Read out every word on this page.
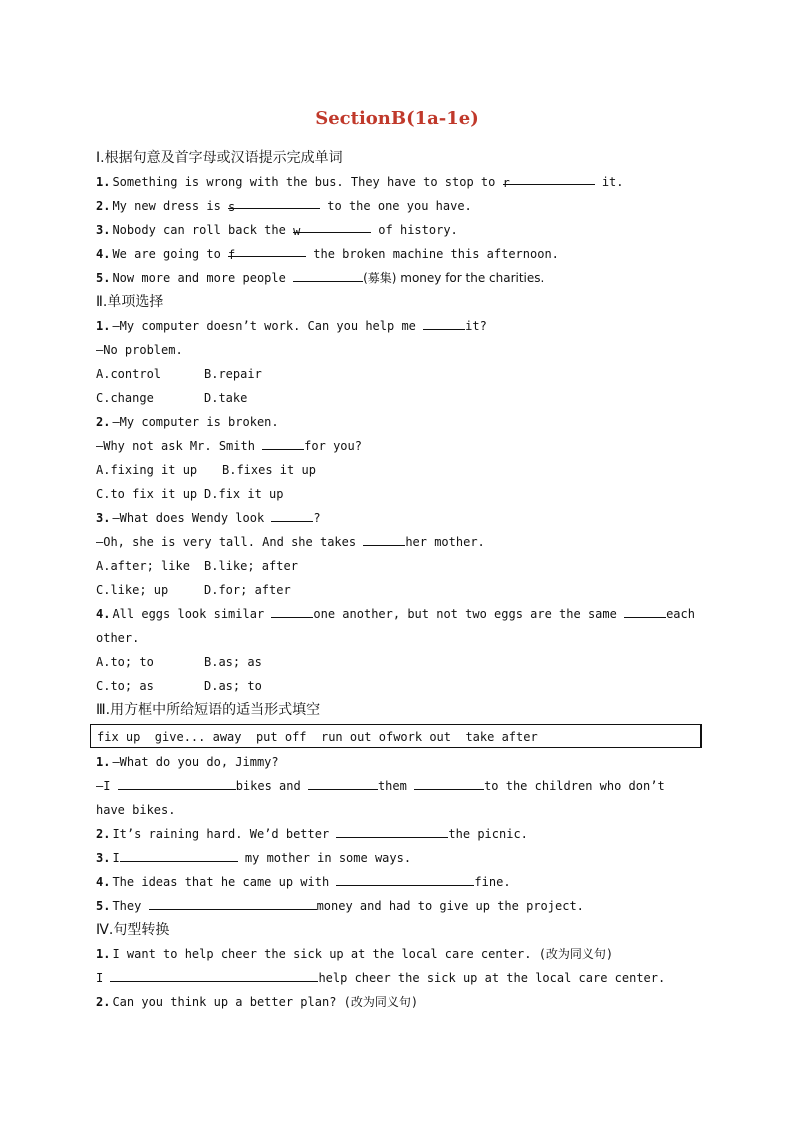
SectionB(1a-1e)
Ⅰ.根据句意及首字母或汉语提示完成单词
1. Something is wrong with the bus. They have to stop to r	it.
2. My new dress is s	to the one you have.
3. Nobody can roll back the w	of history.
4. We are going to f	the broken machine this afternoon.
5. Now more and more people	(募集) money for the charities.
Ⅱ.单项选择
1. —My computer doesn’t work. Can you help me	it?
—No problem.
A.control	B.repair
C.change	D.take
2. —My computer is broken.
—Why not ask Mr. Smith	for you?
A.fixing it up B.fixes it up
C.to fix it up D.fix it up
3. —What does Wendy look	?
—Oh, she is very tall. And she takes	her mother.
A.after; like B.like; after
C.like; up	D.for; after
4. All eggs look similar	one another, but not two eggs are the same	each
other.
A.to; to	B.as; as
C.to; as	D.as; to
Ⅲ.用方框中所给短语的适当形式填空
fix up  give... away  put off  run out ofwork out  take after
1. —What do you do, Jimmy?
—I	bikes and	them	to the children who don’t
have bikes.
2. It’s raining hard. We’d better	the picnic.
3. I	my mother in some ways.
4. The ideas that he came up with	fine.
5. They	money and had to give up the project.
Ⅳ.句型转换
1. I want to help cheer the sick up at the local care center. (改为同义句)
I	help cheer the sick up at the local care center.
2. Can you think up a better plan? (改为同义句)
